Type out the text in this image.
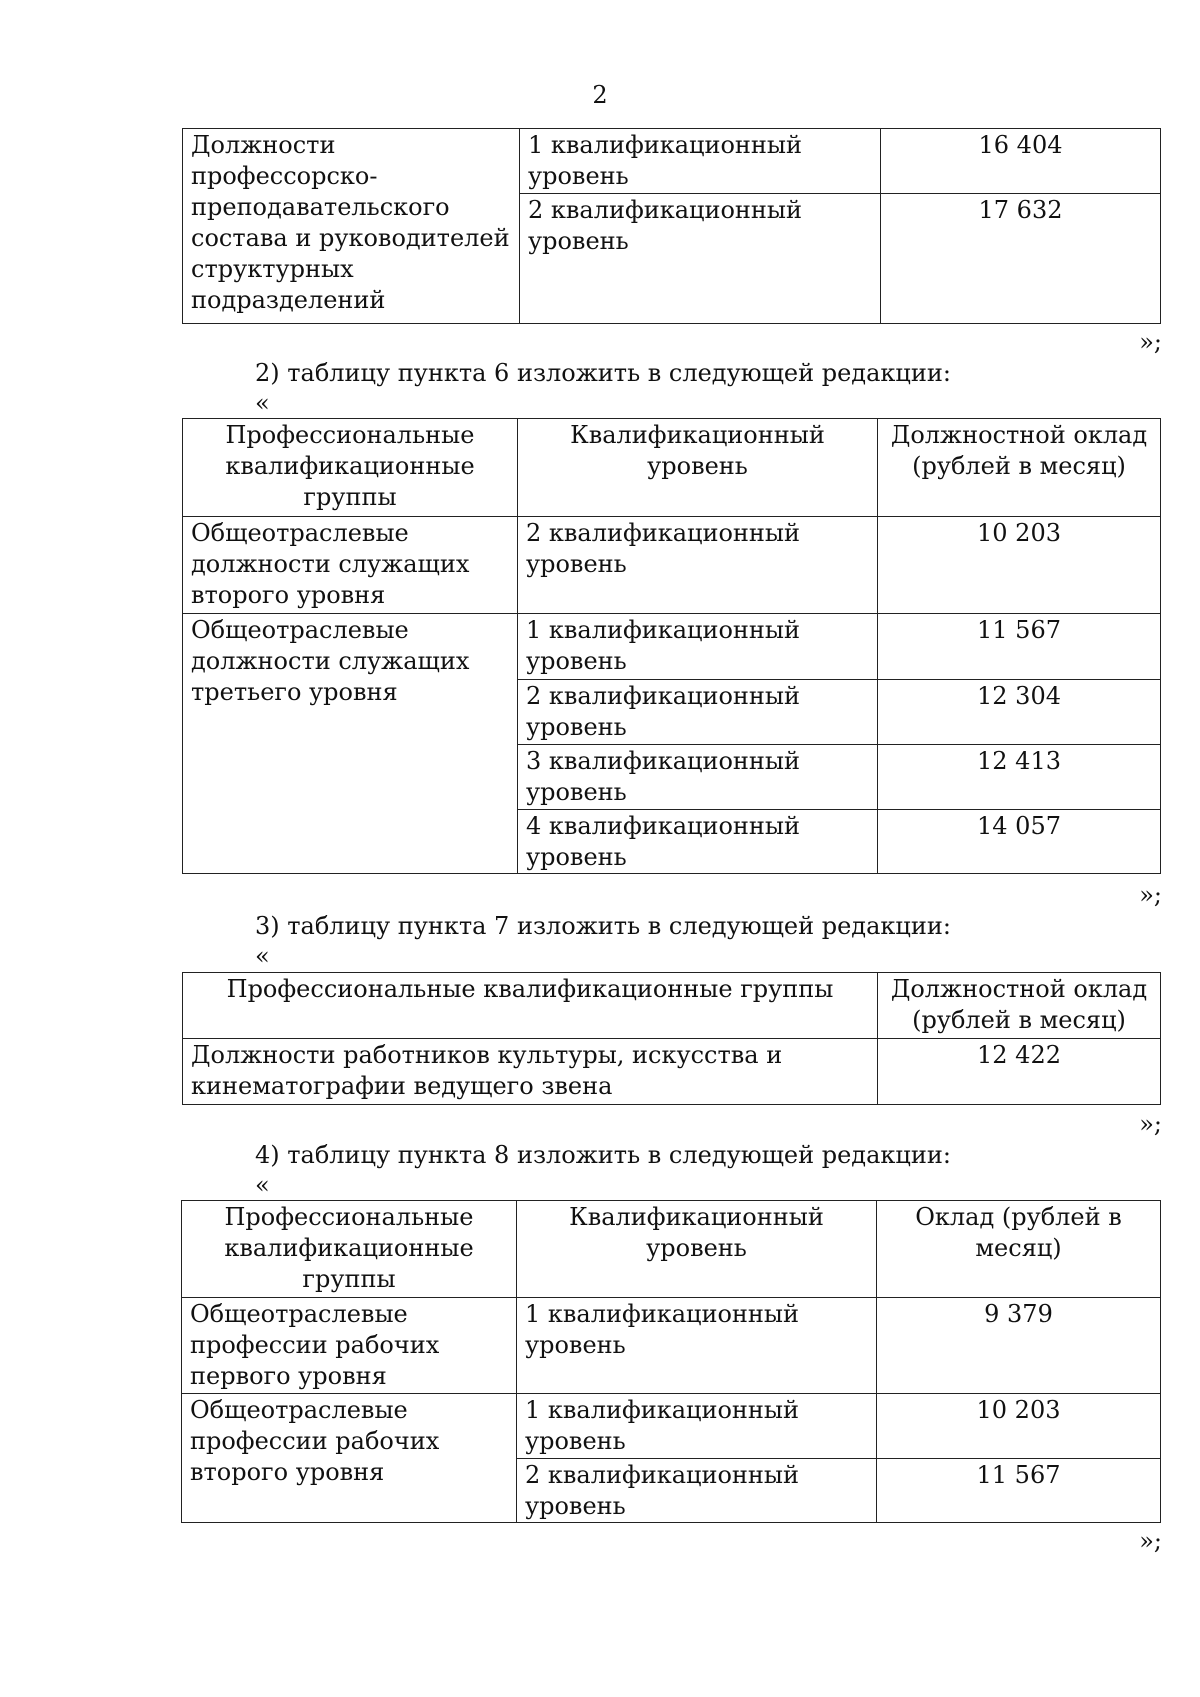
2
Должности профессорско-преподавательского состава и руководителей структурных подразделений	1 квалификационный уровень	16 404
	2 квалификационный уровень	17 632
»;
2) таблицу пункта 6 изложить в следующей редакции:
«
Профессиональные квалификационные группы	Квалификационный уровень	Должностной оклад (рублей в месяц)
Общеотраслевые должности служащих второго уровня	2 квалификационный уровень	10 203
Общеотраслевые должности служащих третьего уровня	1 квалификационный уровень	11 567
	2 квалификационный уровень	12 304
	3 квалификационный уровень	12 413
	4 квалификационный уровень	14 057
»;
3) таблицу пункта 7 изложить в следующей редакции:
«
Профессиональные квалификационные группы	Должностной оклад (рублей в месяц)
Должности работников культуры, искусства и кинематографии ведущего звена	12 422
»;
4) таблицу пункта 8 изложить в следующей редакции:
«
Профессиональные квалификационные группы	Квалификационный уровень	Оклад (рублей в месяц)
Общеотраслевые профессии рабочих первого уровня	1 квалификационный уровень	9 379
Общеотраслевые профессии рабочих второго уровня	1 квалификационный уровень	10 203
	2 квалификационный уровень	11 567
»;
